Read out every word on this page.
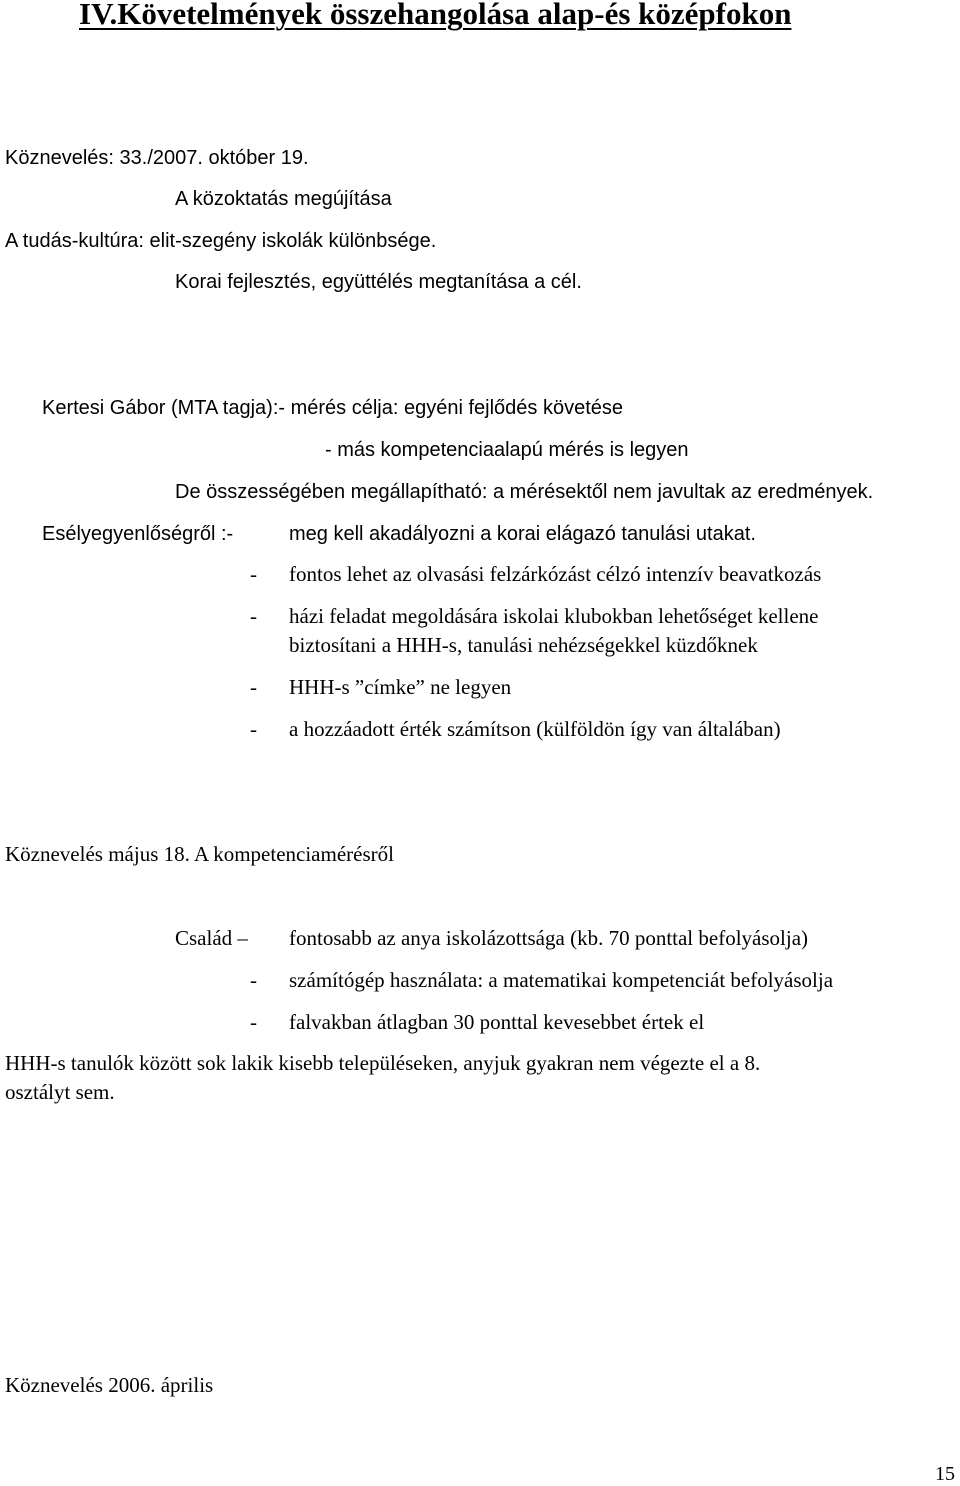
IV.Követelmények összehangolása alap-és középfokon

Köznevelés: 33./2007. október 19.

A közoktatás megújítása

A tudás-kultúra: elit-szegény iskolák különbsége.

Korai fejlesztés, együttélés megtanítása a cél.

Kertesi Gábor (MTA tagja):- mérés célja: egyéni fejlődés követése

- más kompetenciaalapú mérés is legyen

De összességében megállapítható: a mérésektől nem javultak az eredmények.

Esélyegyenlőségről :-	meg kell akadályozni a korai elágazó tanulási utakat.

- fontos lehet az olvasási felzárkózást célzó intenzív beavatkozás
- házi feladat megoldására iskolai klubokban lehetőséget kellene
biztosítani a HHH-s, tanulási nehézségekkel küzdőknek
- HHH-s ”címke” ne legyen
- a hozzáadott érték számítson (külföldön így van általában)

Köznevelés május 18. A kompetenciamérésről

Család – fontosabb az anya iskolázottsága (kb. 70 ponttal befolyásolja)
- számítógép használata: a matematikai kompetenciát befolyásolja
- falvakban átlagban 30 ponttal kevesebbet értek el

HHH-s tanulók között sok lakik kisebb településeken, anyjuk gyakran nem végezte el a 8.

osztályt sem.

Köznevelés 2006. április

15
